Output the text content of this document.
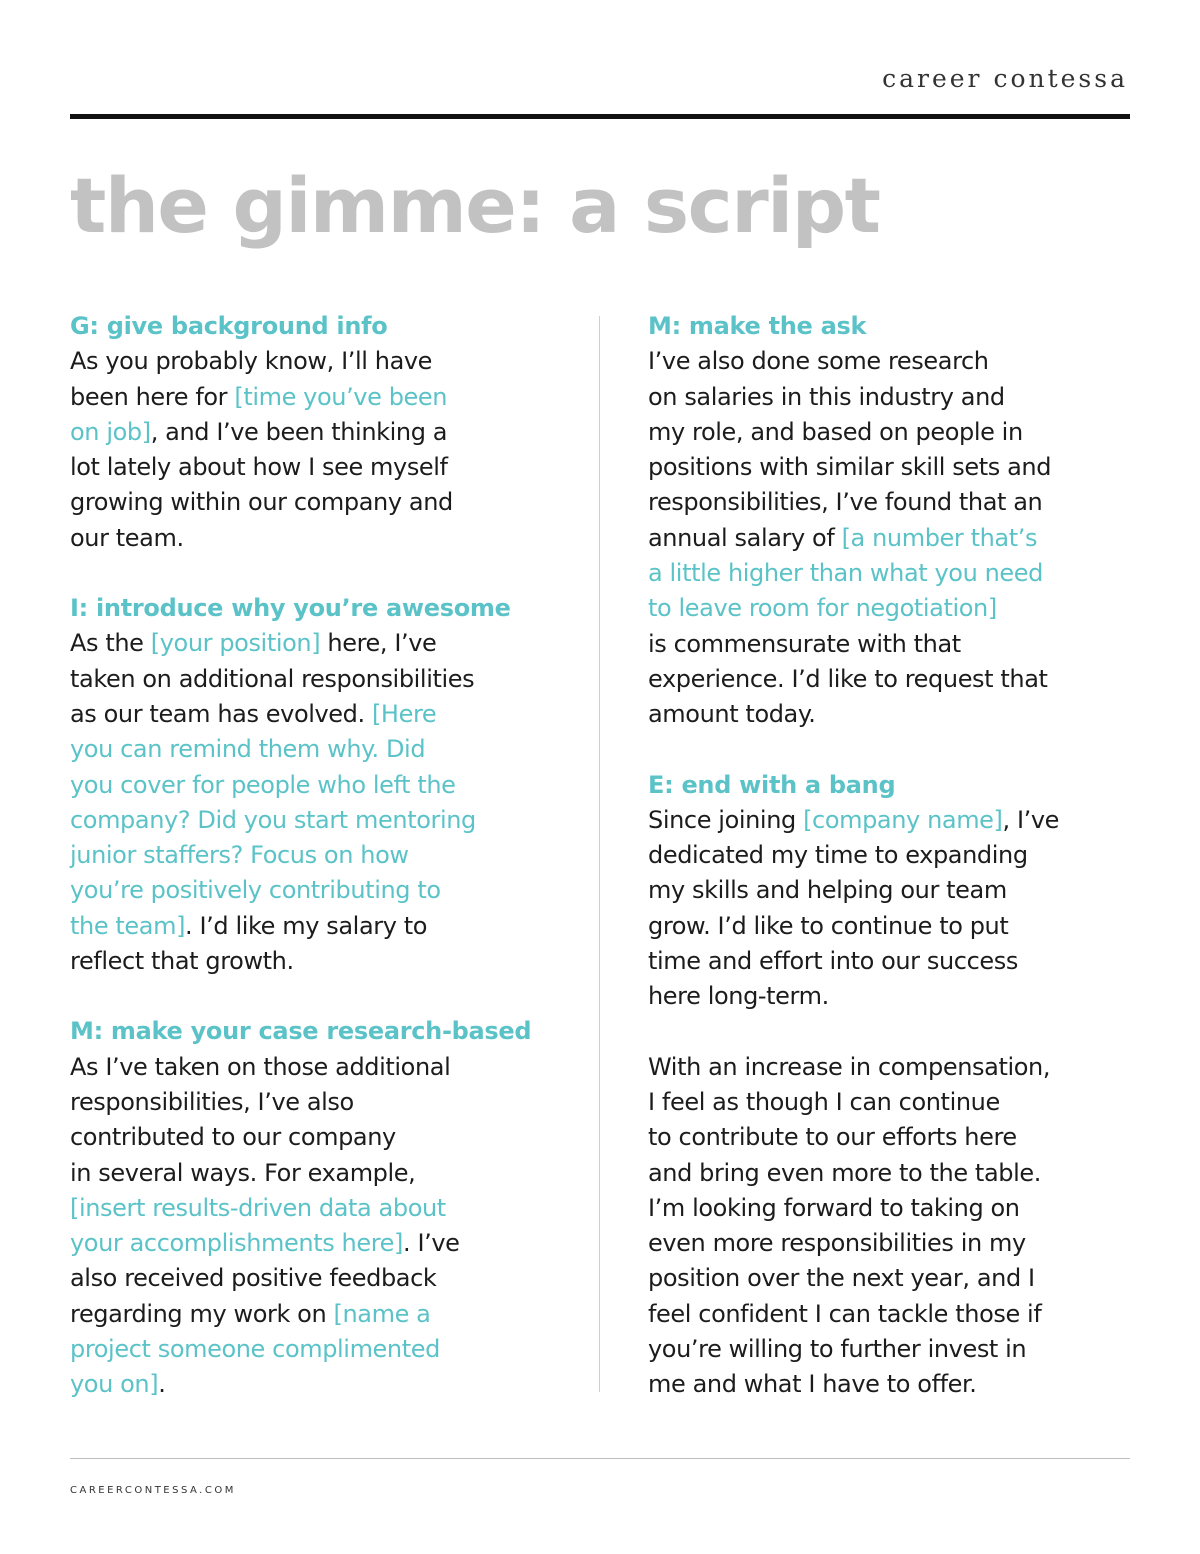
career contessa
the gimme: a script
G: give background info
As you probably know, I’ll have
been here for [time you’ve been
on job], and I’ve been thinking a
lot lately about how I see myself
growing within our company and
our team.
I: introduce why you’re awesome
As the [your position] here, I’ve
taken on additional responsibilities
as our team has evolved. [Here
you can remind them why. Did
you cover for people who left the
company? Did you start mentoring
junior staffers? Focus on how
you’re positively contributing to
the team]. I’d like my salary to
reflect that growth.
M: make your case research-based
As I’ve taken on those additional
responsibilities, I’ve also
contributed to our company
in several ways. For example,
[insert results-driven data about
your accomplishments here]. I’ve
also received positive feedback
regarding my work on [name a
project someone complimented
you on].
M: make the ask
I’ve also done some research
on salaries in this industry and
my role, and based on people in
positions with similar skill sets and
responsibilities, I’ve found that an
annual salary of [a number that’s
a little higher than what you need
to leave room for negotiation]
is commensurate with that
experience. I’d like to request that
amount today.
E: end with a bang
Since joining [company name], I’ve
dedicated my time to expanding
my skills and helping our team
grow. I’d like to continue to put
time and effort into our success
here long-term.
With an increase in compensation,
I feel as though I can continue
to contribute to our efforts here
and bring even more to the table.
I’m looking forward to taking on
even more responsibilities in my
position over the next year, and I
feel confident I can tackle those if
you’re willing to further invest in
me and what I have to offer.
CAREERCONTESSA.COM
